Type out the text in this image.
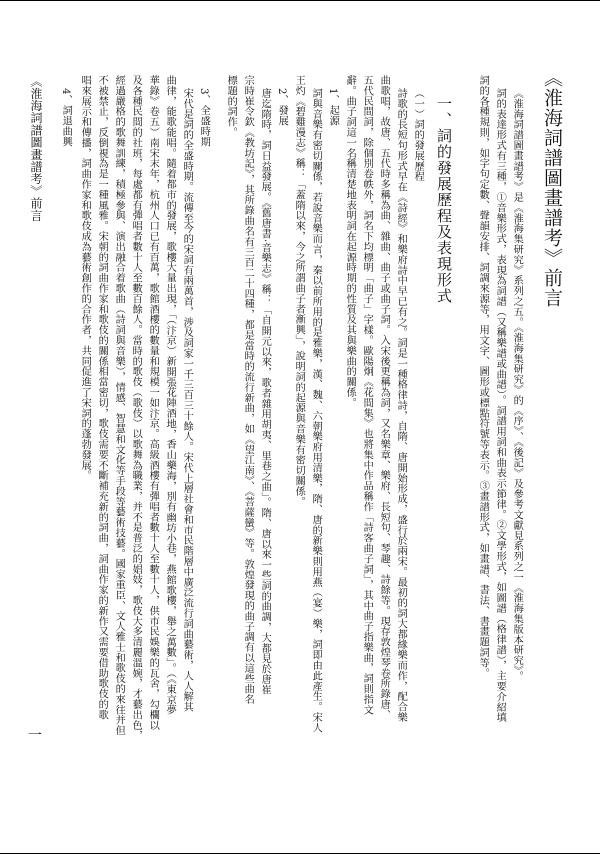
《淮海詞譜圖畫譜考》前言
《淮海詞譜圖畫譜考》是《淮海集研究》系列之五。《淮海集研究》的《序》、《後記》及參考文獻見系列之一《淮海集版本研究》。
詞的表達形式有三種，①音樂形式，表現為詞譜（又稱樂譜或曲譜）。詞譜用詞和曲表示節律。②文學形式，如圖譜（格律譜），主要介紹填
詞的各種規則，如字句定數、聲韻安排、詞調來源等，用文字、圖形或標點符號等表示。③畫譜形式，如畫譜、書法、書畫題詞等。
一、詞的發展歷程及表現形式
（一）詞的發展歷程
詩歌的長短句形式早在《詩經》和樂府詩中早已有之。詞是一種格律詩，自隋、唐開始形成，盛行於兩宋。最初的詞大都緣樂而作，配合樂
曲歌唱，故唐、五代時多稱為曲、雜曲、曲子或曲子詞。入宋後更稱為詞，又名樂章、樂府、長短句、琴趣、詩餘等。現存敦煌琴卷所錄唐、
五代民間詞，除個別卷帙外，詞名下均標明「曲子」字樣。歐陽炯《花間集》也將集中作品稱作「詩客曲子詞」，其中曲子指樂曲，詞則指文
辭。曲子詞這一名稱清楚地表明詞在起源時期的性質及其與樂曲的關係。
1、起源
詞與音樂有密切關係，若說音樂而言，秦以前所用的是雅樂，漢、魏、六朝樂府用清樂，隋、唐的新樂則用燕（宴）樂，詞即由此產生。宋人
王灼《碧雞漫志》稱：「蓋隋以來，今之所謂曲子者漸興」，說明詞的起源與音樂有密切關係。
2、發展
唐迄隋時，詞日益發展。《舊唐書·音樂志》稱：「自開元以來，歌者雜用胡夷、里巷之曲」。隋、唐以來一些詞的曲調，大都見於唐崔
宗時崔令欽《教坊記》，其所錄曲名有三百二十四種，都是當時的流行新曲，如《望江南》、《菩薩蠻》等。敦煌發現的曲子調有以這些曲名
標題的詞作。
3、全盛時期
宋代是詞的全盛時期。流傳至今的宋詞有兩萬首，涉及詞家一千三百三十餘人。宋代上層社會和市民階層中廣泛流行詞曲藝術，人人解其
曲律，能歌能唱。隨着都市的發展，歌樓大量出現，「（汴京）新開張花陣酒地，香山藥海，別有幽坊小巷，燕館歌樓，舉之萬數」。（《東京夢
華錄》卷五）南宋末年，杭州人口已有百萬，歌館酒樓的數量和規模一如汴京。高級酒樓有彈唱者數十人至數十人，供市民娛樂的瓦舍，勾欄以
及各種民間的社班，每處都有彈唱者數十人至數百餘人。當時的歌伎（歌伎）以歌舞為職業，并不是普泛的娼妓，歌伎大多清麗溫婉，才藝出色，
經過嚴格的歌舞訓練，積極參與、演出融合着歌曲（詩詞與音樂），情感、智慧和文化等手段等藝術技藝。國家重臣、文人雅士和歌伎的來往并但
不被禁止，反倒視為是一種風雅。宋朝的詞曲作家和歌伎的關係相當密切，歌伎需要不斷補充新的詞曲，詞曲作家的新作又需要借助歌伎的歌
唱來展示和傳播，詞曲作家和歌伎成為藝術創作的合作者，共同促進了宋詞的蓬勃發展。
4、詞退曲興
《淮海詞譜圖畫譜考》前言
一
